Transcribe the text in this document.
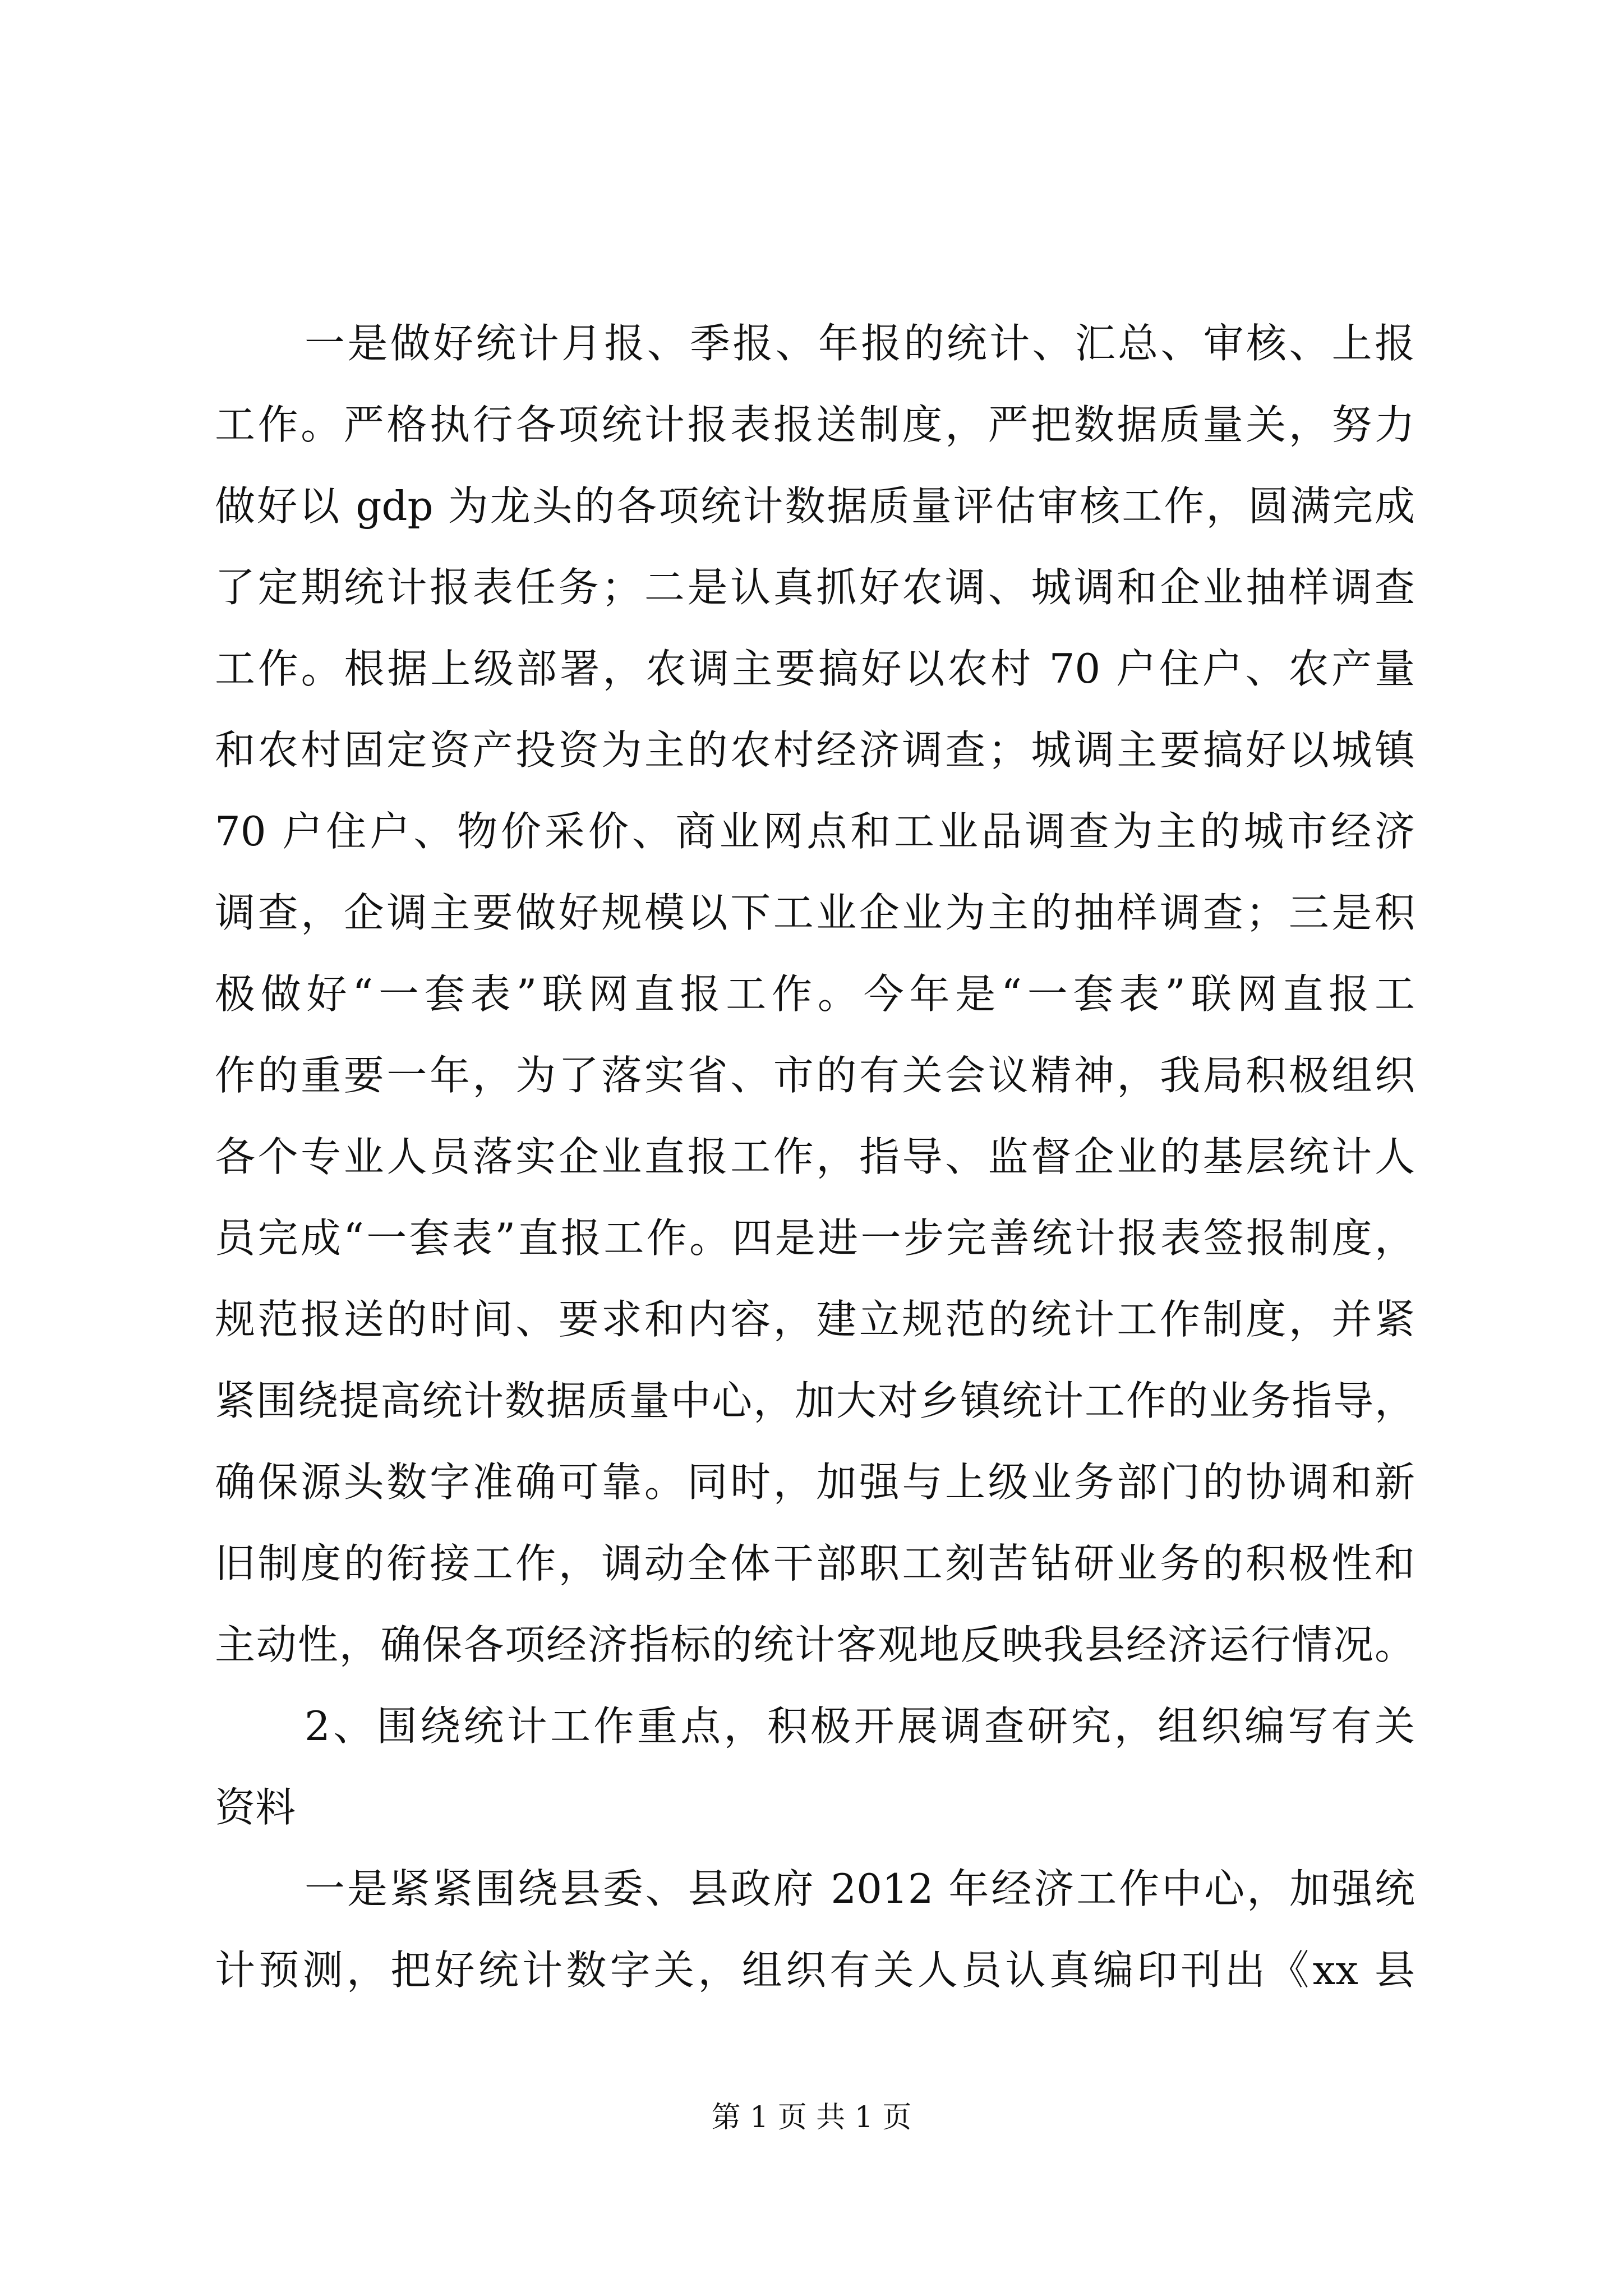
一是做好统计月报、季报、年报的统计、汇总、审核、上报
工作。严格执行各项统计报表报送制度，严把数据质量关，努力
做好以 gdp 为龙头的各项统计数据质量评估审核工作，圆满完成
了定期统计报表任务；二是认真抓好农调、城调和企业抽样调查
工作。根据上级部署，农调主要搞好以农村 70 户住户、农产量
和农村固定资产投资为主的农村经济调查；城调主要搞好以城镇
70 户住户、物价采价、商业网点和工业品调查为主的城市经济
调查，企调主要做好规模以下工业企业为主的抽样调查；三是积
极做好“一套表”联网直报工作。今年是“一套表”联网直报工
作的重要一年，为了落实省、市的有关会议精神，我局积极组织
各个专业人员落实企业直报工作，指导、监督企业的基层统计人
员完成“一套表”直报工作。四是进一步完善统计报表签报制度，
规范报送的时间、要求和内容，建立规范的统计工作制度，并紧
紧围绕提高统计数据质量中心，加大对乡镇统计工作的业务指导，
确保源头数字准确可靠。同时，加强与上级业务部门的协调和新
旧制度的衔接工作，调动全体干部职工刻苦钻研业务的积极性和
主动性，确保各项经济指标的统计客观地反映我县经济运行情况。
2、围绕统计工作重点，积极开展调查研究，组织编写有关
资料
一是紧紧围绕县委、县政府 2012 年经济工作中心，加强统
计预测，把好统计数字关，组织有关人员认真编印刊出《xx 县
第 1 页 共 1 页
